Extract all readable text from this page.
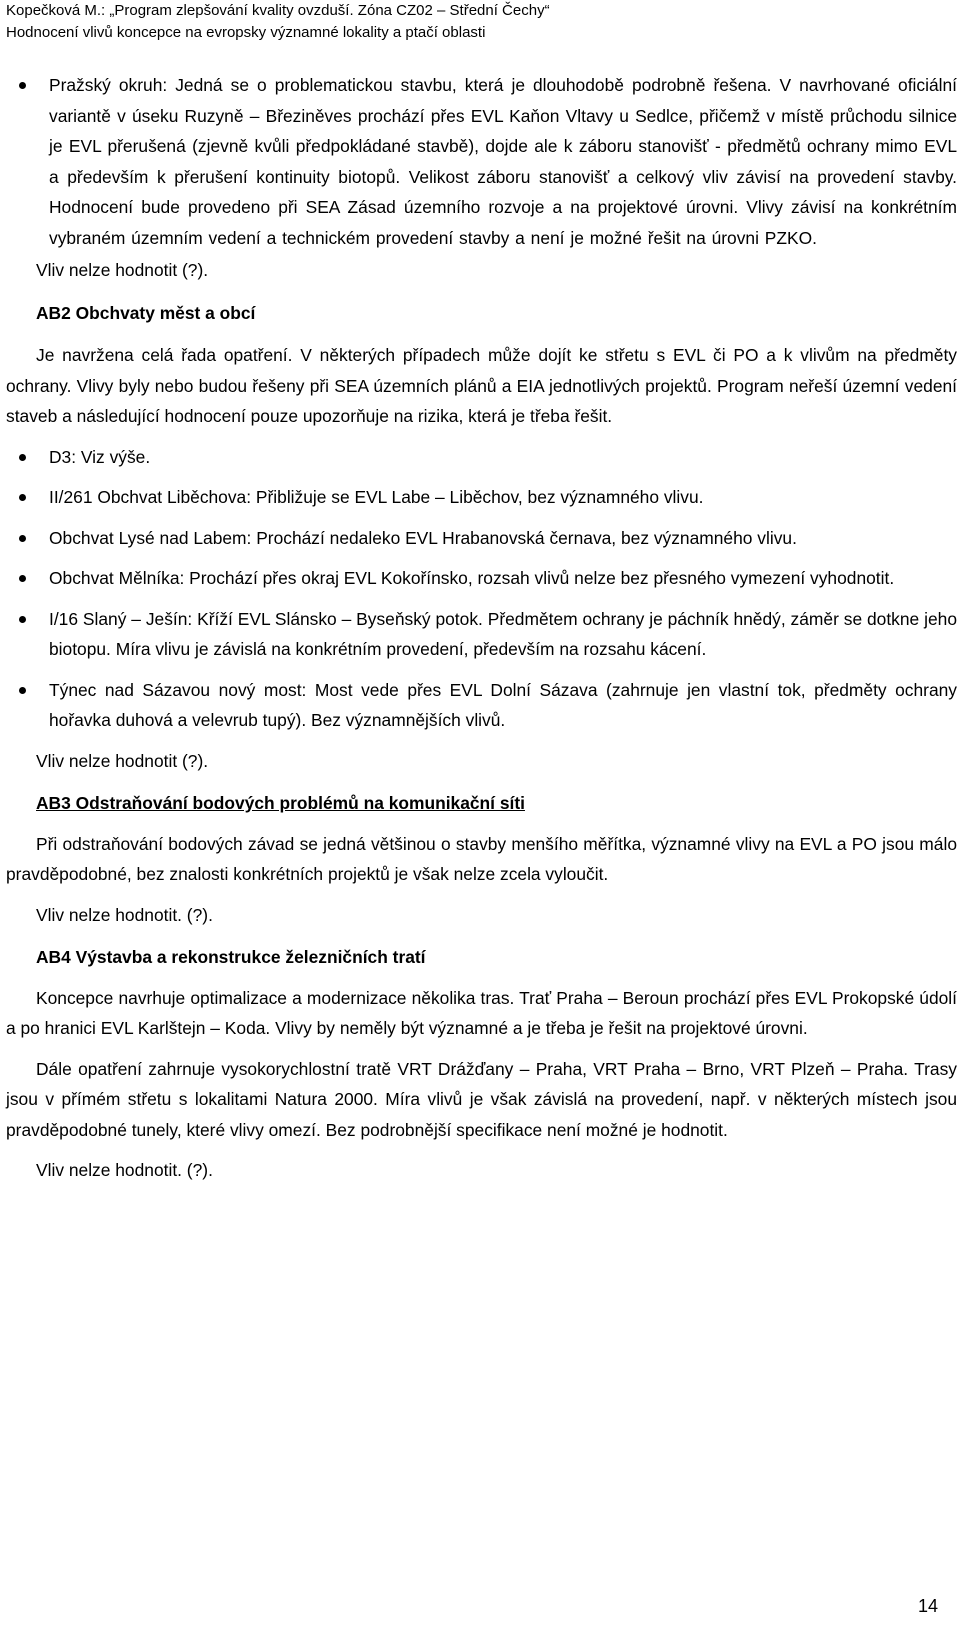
Kopečková M.: „Program zlepšování kvality ovzduší. Zóna CZ02 – Střední Čechy“
Hodnocení vlivů koncepce na evropsky významné lokality a ptačí oblasti

Pražský okruh: Jedná se o problematickou stavbu, která je dlouhodobě podrobně řešena. V navrhované oficiální variantě v úseku Ruzyně – Březiněves prochází přes EVL Kaňon Vltavy u Sedlce, přičemž v místě průchodu silnice je EVL přerušená (zjevně kvůli předpokládané stavbě), dojde ale k záboru stanovišť - předmětů ochrany mimo EVL a především k přerušení kontinuity biotopů. Velikost záboru stanovišť a celkový vliv závisí na provedení stavby. Hodnocení bude provedeno při SEA Zásad územního rozvoje a na projektové úrovni. Vlivy závisí na konkrétním vybraném územním vedení a technickém provedení stavby a není je možné řešit na úrovni PZKO.

Vliv nelze hodnotit (?).

AB2 Obchvaty měst a obcí

Je navržena celá řada opatření. V některých případech může dojít ke střetu s EVL či PO a k vlivům na předměty ochrany. Vlivy byly nebo budou řešeny při SEA územních plánů a EIA jednotlivých projektů. Program neřeší územní vedení staveb a následující hodnocení pouze upozorňuje na rizika, která je třeba řešit.

D3: Viz výše.

II/261 Obchvat Liběchova: Přibližuje se EVL Labe – Liběchov, bez významného vlivu.

Obchvat Lysé nad Labem: Prochází nedaleko EVL Hrabanovská černava, bez významného vlivu.

Obchvat Mělníka: Prochází přes okraj EVL Kokořínsko, rozsah vlivů nelze bez přesného vymezení vyhodnotit.

I/16 Slaný – Ješín: Kříží EVL Slánsko – Byseňský potok. Předmětem ochrany je páchník hnědý, záměr se dotkne jeho biotopu. Míra vlivu je závislá na konkrétním provedení, především na rozsahu kácení.

Týnec nad Sázavou nový most: Most vede přes EVL Dolní Sázava (zahrnuje jen vlastní tok, předměty ochrany hořavka duhová a velevrub tupý). Bez významnějších vlivů.

Vliv nelze hodnotit (?).

AB3 Odstraňování bodových problémů na komunikační síti

Při odstraňování bodových závad se jedná většinou o stavby menšího měřítka, významné vlivy na EVL a PO jsou málo pravděpodobné, bez znalosti konkrétních projektů je však nelze zcela vyloučit.

Vliv nelze hodnotit. (?).

AB4 Výstavba a rekonstrukce železničních tratí

Koncepce navrhuje optimalizace a modernizace několika tras. Trať Praha – Beroun prochází přes EVL Prokopské údolí a po hranici EVL Karlštejn – Koda. Vlivy by neměly být významné a je třeba je řešit na projektové úrovni.

Dále opatření zahrnuje vysokorychlostní tratě VRT Drážďany – Praha, VRT Praha – Brno, VRT Plzeň – Praha. Trasy jsou v přímém střetu s lokalitami Natura 2000. Míra vlivů je však závislá na provedení, např. v některých místech jsou pravděpodobné tunely, které vlivy omezí. Bez podrobnější specifikace není možné je hodnotit.

Vliv nelze hodnotit. (?).

14
